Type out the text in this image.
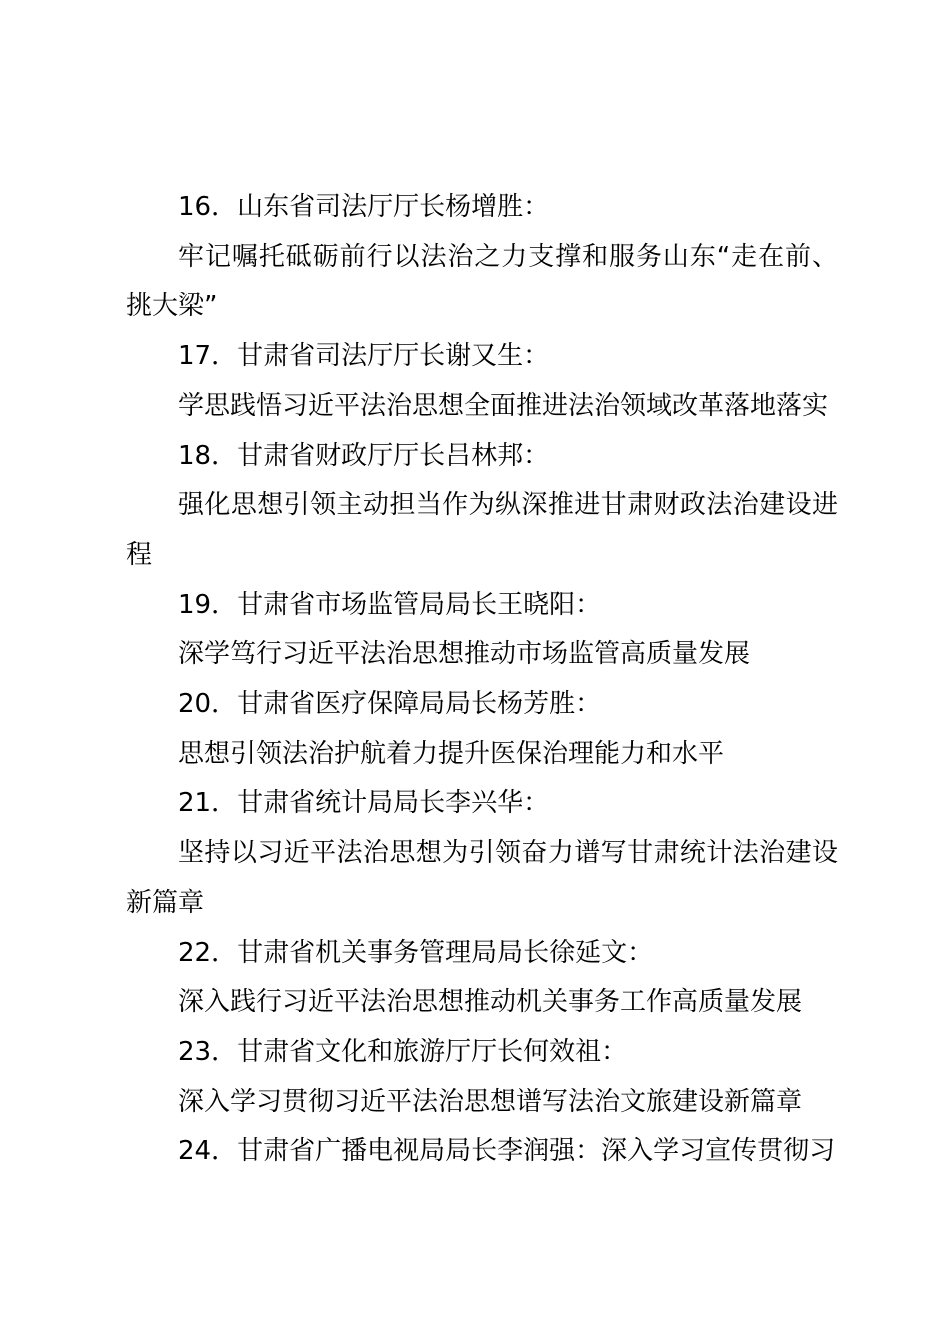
16．山东省司法厅厅长杨增胜：

牢记嘱托砥砺前行以法治之力支撑和服务山东“走在前、挑大梁”

17．甘肃省司法厅厅长谢又生：

学思践悟习近平法治思想全面推进法治领域改革落地落实

18．甘肃省财政厅厅长吕林邦：

强化思想引领主动担当作为纵深推进甘肃财政法治建设进程

19．甘肃省市场监管局局长王晓阳：

深学笃行习近平法治思想推动市场监管高质量发展

20．甘肃省医疗保障局局长杨芳胜：

思想引领法治护航着力提升医保治理能力和水平

21．甘肃省统计局局长李兴华：

坚持以习近平法治思想为引领奋力谱写甘肃统计法治建设新篇章

22．甘肃省机关事务管理局局长徐延文：

深入践行习近平法治思想推动机关事务工作高质量发展

23．甘肃省文化和旅游厅厅长何效祖：

深入学习贯彻习近平法治思想谱写法治文旅建设新篇章

24．甘肃省广播电视局局长李润强：深入学习宣传贯彻习
